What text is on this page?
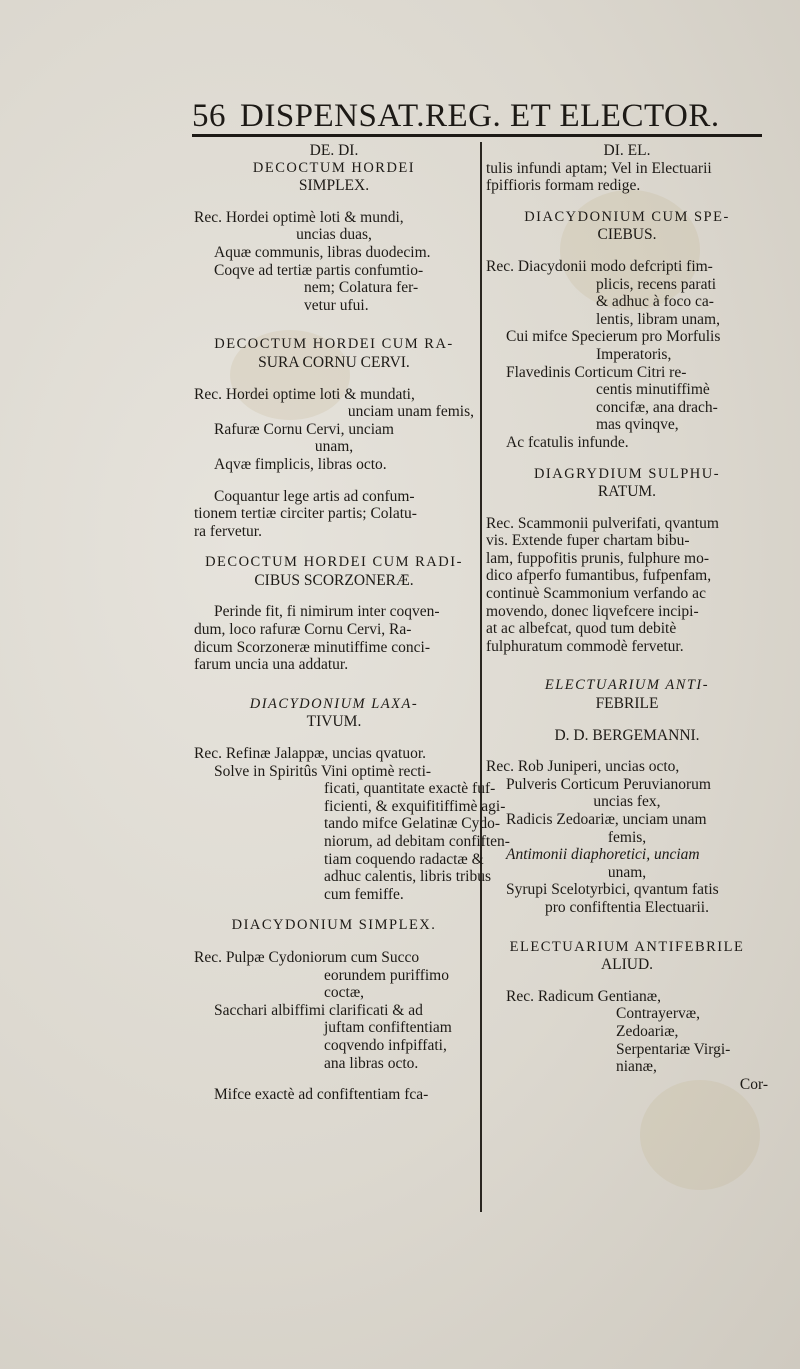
56 DISPENSAT.REG. ET ELECTOR.
DE. DI.
DECOCTUM HORDEI
SIMPLEX.
Rec. Hordei optimè loti & mundi,
uncias duas,
Aquæ communis, libras duodecim.
Coqve ad tertiæ partis confumtio-
nem; Colatura fer-
vetur ufui.
DECOCTUM HORDEI CUM RA-
SURA CORNU CERVI.
Rec. Hordei optime loti & mundati,
unciam unam femis,
Rafuræ Cornu Cervi, unciam
unam,
Aqvæ fimplicis, libras octo.
Coquantur lege artis ad confum-
tionem tertiæ circiter partis; Colatu-
ra fervetur.
DECOCTUM HORDEI CUM RADI-
CIBUS SCORZONERÆ.
Perinde fit, fi nimirum inter coqven-
dum, loco rafuræ Cornu Cervi, Ra-
dicum Scorzoneræ minutiffime conci-
farum uncia una addatur.
DIACYDONIUM LAXA-
TIVUM.
Rec. Refinæ Jalappæ, uncias qvatuor.
Solve in Spiritûs Vini optimè recti-
ficati, quantitate exactè fuf-
ficienti, & exquifitiffimè agi-
tando mifce Gelatinæ Cydo-
niorum, ad debitam confiften-
tiam coquendo radactæ &
adhuc calentis, libris tribus
cum femiffe.
DIACYDONIUM SIMPLEX.
Rec. Pulpæ Cydoniorum cum Succo
eorundem puriffimo
coctæ,
Sacchari albiffimi clarificati & ad
juftam confiftentiam
coqvendo infpiffati,
ana libras octo.
Mifce exactè ad confiftentiam fca-
DI. EL.
tulis infundi aptam; Vel in Electuarii
fpiffioris formam redige.
DIACYDONIUM CUM SPE-
CIEBUS.
Rec. Diacydonii modo defcripti fim-
plicis, recens parati
& adhuc à foco ca-
lentis, libram unam,
Cui mifce Specierum pro Morfulis
Imperatoris,
Flavedinis Corticum Citri re-
centis minutiffimè
concifæ, ana drach-
mas qvinqve,
Ac fcatulis infunde.
DIAGRYDIUM SULPHU-
RATUM.
Rec. Scammonii pulverifati, qvantum
vis. Extende fuper chartam bibu-
lam, fuppofitis prunis, fulphure mo-
dico afperfo fumantibus, fufpenfam,
continuè Scammonium verfando ac
movendo, donec liqvefcere incipi-
at ac albefcat, quod tum debitè
fulphuratum commodè fervetur.
ELECTUARIUM ANTI-
FEBRILE
D. D. BERGEMANNI.
Rec. Rob Juniperi, uncias octo,
Pulveris Corticum Peruvianorum
uncias fex,
Radicis Zedoariæ, unciam unam
femis,
Antimonii diaphoretici, unciam
unam,
Syrupi Scelotyrbici, qvantum fatis
pro confiftentia Electuarii.
ELECTUARIUM ANTIFEBRILE
ALIUD.
Rec. Radicum Gentianæ,
Contrayervæ,
Zedoariæ,
Serpentariæ Virgi-
nianæ,
Cor-
